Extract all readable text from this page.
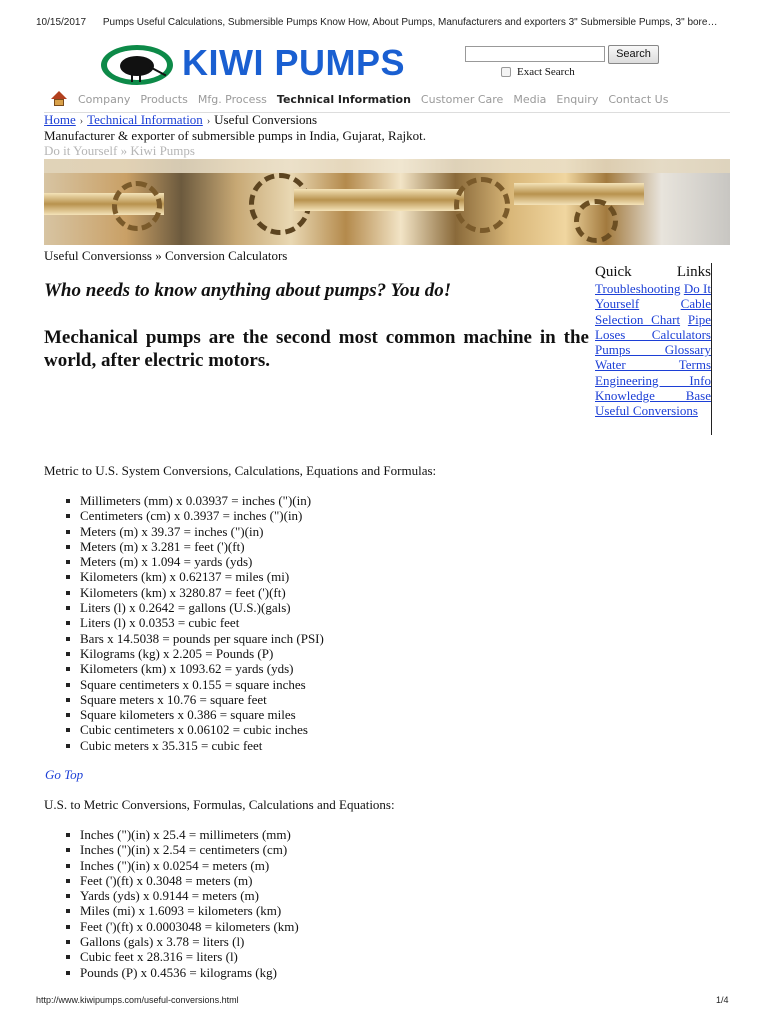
10/15/2017 Pumps Useful Calculations, Submersible Pumps Know How, About Pumps, Manufacturers and exporters 3" Submersible Pumps, 3" bore…
KIWI PUMPS	Search
Exact Search
Company Products Mfg. Process Technical Information Customer Care Media Enquiry Contact Us
Home › Technical Information › Useful Conversions
Manufacturer & exporter of submersible pumps in India, Gujarat, Rajkot.
Do it Yourself » Kiwi Pumps
Useful Conversionss » Conversion Calculators
Quick	Links
Troubleshooting Do It Yourself	Cable Selection Chart Pipe Loses Calculators Pumps Glossary Water Terms Engineering Info Knowledge Base Useful Conversions
Who needs to know anything about pumps? You do!
Mechanical pumps are the second most common machine in the world, after electric motors.
Metric to U.S. System Conversions, Calculations, Equations and Formulas:
Millimeters (mm) x 0.03937 = inches (")(in)
Centimeters (cm) x 0.3937 = inches (")(in)
Meters (m) x 39.37 = inches (")(in)
Meters (m) x 3.281 = feet (')(ft)
Meters (m) x 1.094 = yards (yds)
Kilometers (km) x 0.62137 = miles (mi)
Kilometers (km) x 3280.87 = feet (')(ft)
Liters (l) x 0.2642 = gallons (U.S.)(gals)
Liters (l) x 0.0353 = cubic feet
Bars x 14.5038 = pounds per square inch (PSI)
Kilograms (kg) x 2.205 = Pounds (P)
Kilometers (km) x 1093.62 = yards (yds)
Square centimeters x 0.155 = square inches
Square meters x 10.76 = square feet
Square kilometers x 0.386 = square miles
Cubic centimeters x 0.06102 = cubic inches
Cubic meters x 35.315 = cubic feet
Go Top
U.S. to Metric Conversions, Formulas, Calculations and Equations:
Inches (")(in) x 25.4 = millimeters (mm)
Inches (")(in) x 2.54 = centimeters (cm)
Inches (")(in) x 0.0254 = meters (m)
Feet (')(ft) x 0.3048 = meters (m)
Yards (yds) x 0.9144 = meters (m)
Miles (mi) x 1.6093 = kilometers (km)
Feet (')(ft) x 0.0003048 = kilometers (km)
Gallons (gals) x 3.78 = liters (l)
Cubic feet x 28.316 = liters (l)
Pounds (P) x 0.4536 = kilograms (kg)
http://www.kiwipumps.com/useful-conversions.html	1/4
